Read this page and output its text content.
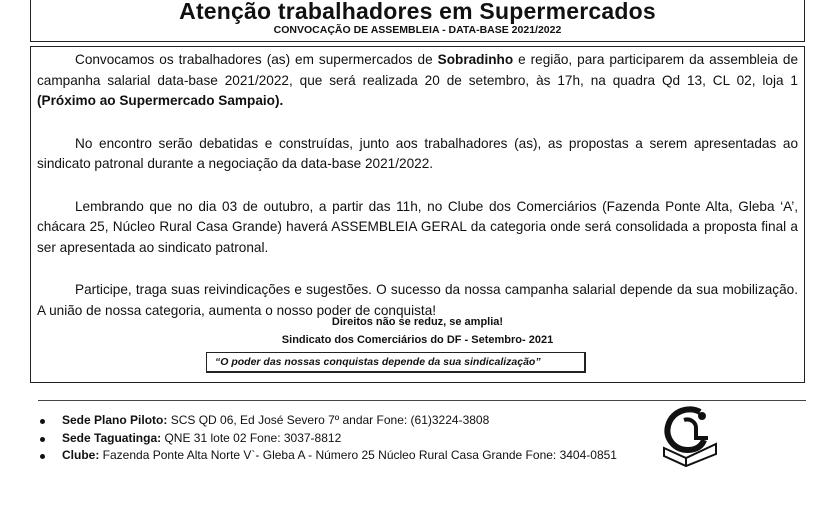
Atenção trabalhadores em Supermercados
CONVOCAÇÃO DE ASSEMBLEIA - DATA-BASE 2021/2022

Convocamos os trabalhadores (as) em supermercados de Sobradinho e região, para participarem da assembleia de campanha salarial data-base 2021/2022, que será realizada 20 de setembro, às 17h, na quadra Qd 13, CL 02, loja 1 (Próximo ao Supermercado Sampaio).

No encontro serão debatidas e construídas, junto aos trabalhadores (as), as propostas a serem apresentadas ao sindicato patronal durante a negociação da data-base 2021/2022.

Lembrando que no dia 03 de outubro, a partir das 11h, no Clube dos Comerciários (Fazenda Ponte Alta, Gleba ‘A’, chácara 25, Núcleo Rural Casa Grande) haverá ASSEMBLEIA GERAL da categoria onde será consolidada a proposta final a ser apresentada ao sindicato patronal.

Participe, traga suas reivindicações e sugestões. O sucesso da nossa campanha salarial depende da sua mobilização. A união de nossa categoria, aumenta o nosso poder de conquista!

Direitos não se reduz, se amplia!
Sindicato dos Comerciários do DF - Setembro- 2021
“O poder das nossas conquistas depende da sua sindicalização”
Sede Plano Piloto: SCS QD 06, Ed José Severo 7º andar Fone: (61)3224-3808
Sede Taguatinga: QNE 31 lote 02 Fone: 3037-8812
Clube: Fazenda Ponte Alta Norte V`- Gleba A - Número 25 Núcleo Rural Casa Grande Fone: 3404-0851
